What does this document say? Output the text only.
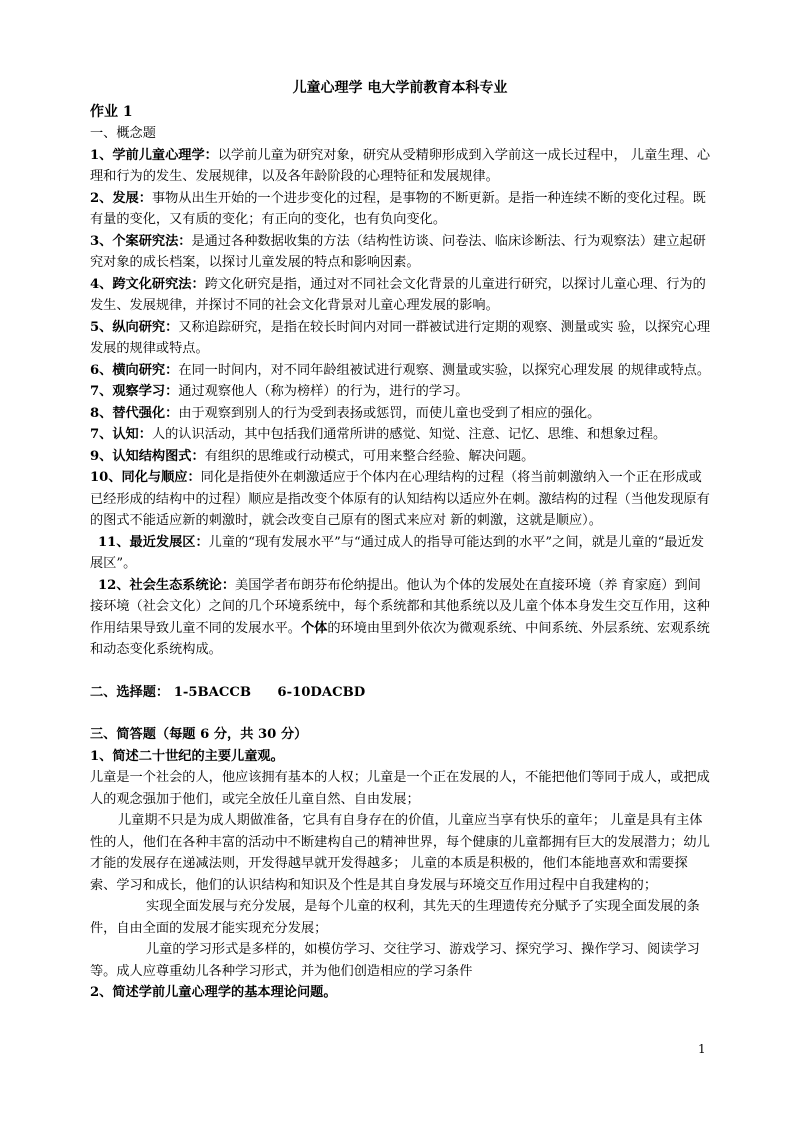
儿童心理学 电大学前教育本科专业
作业 1

一、概念题

1、学前儿童心理学：以学前儿童为研究对象，研究从受精卵形成到入学前这一成长过程中， 儿童生理、心理和行为的发生、发展规律，以及各年龄阶段的心理特征和发展规律。

2、发展：事物从出生开始的一个进步变化的过程，是事物的不断更新。是指一种连续不断的变化过程。既有量的变化，又有质的变化；有正向的变化，也有负向变化。

3、个案研究法：是通过各种数据收集的方法（结构性访谈、问卷法、临床诊断法、行为观察法）建立起研究对象的成长档案，以探讨儿童发展的特点和影响因素。

4、跨文化研究法：跨文化研究是指，通过对不同社会文化背景的儿童进行研究，以探讨儿童心理、行为的发生、发展规律，并探讨不同的社会文化背景对儿童心理发展的影响。

5、纵向研究：又称追踪研究，是指在较长时间内对同一群被试进行定期的观察、测量或实 验，以探究心理发展的规律或特点。

6、横向研究：在同一时间内，对不同年龄组被试进行观察、测量或实验，以探究心理发展 的规律或特点。

7、观察学习：通过观察他人（称为榜样）的行为，进行的学习。

8、替代强化：由于观察到别人的行为受到表扬或惩罚，而使儿童也受到了相应的强化。

7、认知：人的认识活动，其中包括我们通常所讲的感觉、知觉、注意、记忆、思维、和想象过程。

9、认知结构图式：有组织的思维或行动模式，可用来整合经验、解决问题。

10、同化与顺应：同化是指使外在刺激适应于个体内在心理结构的过程（将当前刺激纳入一个正在形成或已经形成的结构中的过程）顺应是指改变个体原有的认知结构以适应外在刺。激结构的过程（当他发现原有的图式不能适应新的刺激时，就会改变自己原有的图式来应对 新的刺激，这就是顺应）。

11、最近发展区：儿童的“现有发展水平”与“通过成人的指导可能达到的水平”之间，就是儿童的“最近发展区”。

12、社会生态系统论：美国学者布朗芬布伦纳提出。他认为个体的发展处在直接环境（养 育家庭）到间接环境（社会文化）之间的几个环境系统中，每个系统都和其他系统以及儿童个体本身发生交互作用，这种作用结果导致儿童不同的发展水平。个体的环境由里到外依次为微观系统、中间系统、外层系统、宏观系统和动态变化系统构成。

二、选择题： 1-5BACCB　　6-10DACBD

三、简答题（每题 6 分，共 30 分）

1、简述二十世纪的主要儿童观。

儿童是一个社会的人，他应该拥有基本的人权；儿童是一个正在发展的人，不能把他们等同于成人，或把成人的观念强加于他们，或完全放任儿童自然、自由发展；

儿童期不只是为成人期做准备，它具有自身存在的价值，儿童应当享有快乐的童年； 儿童是具有主体性的人，他们在各种丰富的活动中不断建构自己的精神世界，每个健康的儿童都拥有巨大的发展潜力；幼儿才能的发展存在递减法则，开发得越早就开发得越多； 儿童的本质是积极的，他们本能地喜欢和需要探索、学习和成长，他们的认识结构和知识及个性是其自身发展与环境交互作用过程中自我建构的；

实现全面发展与充分发展，是每个儿童的权利，其先天的生理遗传充分赋予了实现全面发展的条件，自由全面的发展才能实现充分发展；

儿童的学习形式是多样的，如模仿学习、交往学习、游戏学习、探究学习、操作学习、阅读学习等。成人应尊重幼儿各种学习形式，并为他们创造相应的学习条件

2、简述学前儿童心理学的基本理论问题。

1
